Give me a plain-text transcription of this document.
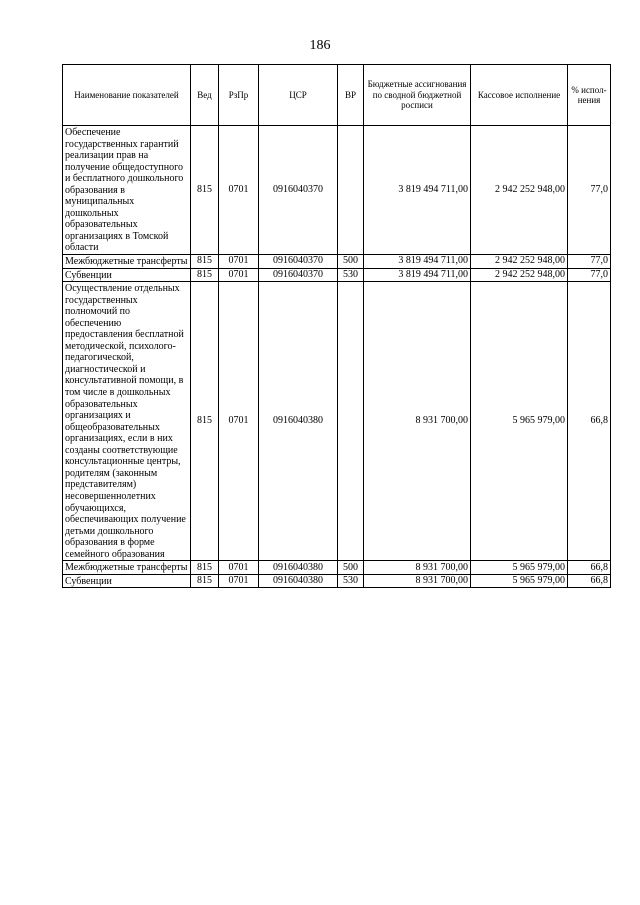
186
Наименование показателей	Вед	РзПр	ЦСР	ВР	Бюджетные ассигнования по сводной бюджетной росписи	Кассовое исполнение	% испол-нения
Обеспечение государственных гарантий реализации прав на получение общедоступного и бесплатного дошкольного образования в муниципальных дошкольных образовательных организациях в Томской области	815	0701	0916040370		3 819 494 711,00	2 942 252 948,00	77,0
Межбюджетные трансферты	815	0701	0916040370	500	3 819 494 711,00	2 942 252 948,00	77,0
Субвенции	815	0701	0916040370	530	3 819 494 711,00	2 942 252 948,00	77,0
Осуществление отдельных государственных полномочий по обеспечению предоставления бесплатной методической, психолого-педагогической, диагностической и консультативной помощи, в том числе в дошкольных образовательных организациях и общеобразовательных организациях, если в них созданы соответствующие консультационные центры, родителям (законным представителям) несовершеннолетних обучающихся, обеспечивающих получение детьми дошкольного образования в форме семейного образования	815	0701	0916040380		8 931 700,00	5 965 979,00	66,8
Межбюджетные трансферты	815	0701	0916040380	500	8 931 700,00	5 965 979,00	66,8
Субвенции	815	0701	0916040380	530	8 931 700,00	5 965 979,00	66,8
